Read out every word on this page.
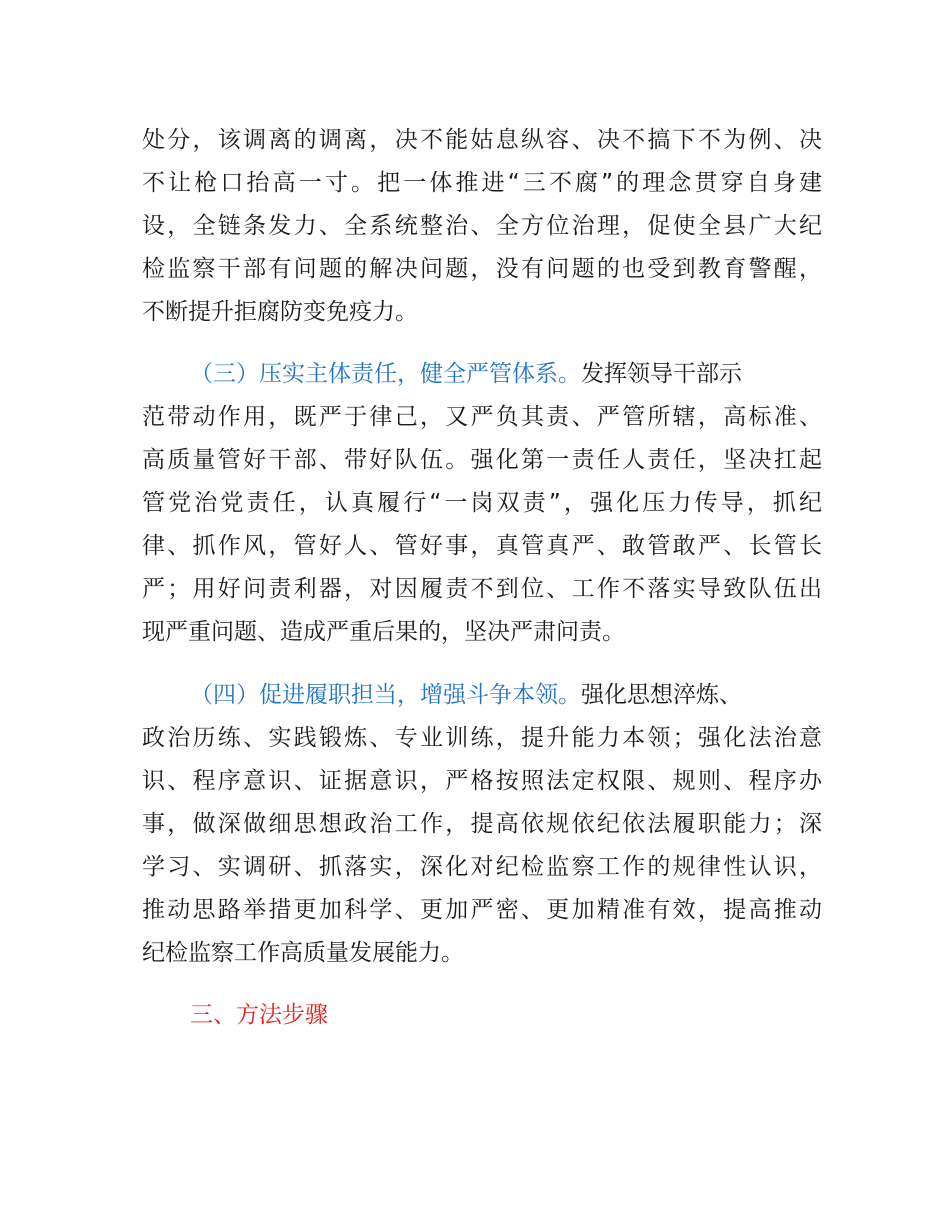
处分，该调离的调离，决不能姑息纵容、决不搞下不为例、决
不让枪口抬高一寸。把一体推进“三不腐”的理念贯穿自身建
设，全链条发力、全系统整治、全方位治理，促使全县广大纪
检监察干部有问题的解决问题，没有问题的也受到教育警醒，
不断提升拒腐防变免疫力。
（三）压实主体责任，健全严管体系。发挥领导干部示
范带动作用，既严于律己，又严负其责、严管所辖，高标准、
高质量管好干部、带好队伍。强化第一责任人责任，坚决扛起
管党治党责任，认真履行“一岗双责”，强化压力传导，抓纪
律、抓作风，管好人、管好事，真管真严、敢管敢严、长管长
严；用好问责利器，对因履责不到位、工作不落实导致队伍出
现严重问题、造成严重后果的，坚决严肃问责。
（四）促进履职担当，增强斗争本领。强化思想淬炼、
政治历练、实践锻炼、专业训练，提升能力本领；强化法治意
识、程序意识、证据意识，严格按照法定权限、规则、程序办
事，做深做细思想政治工作，提高依规依纪依法履职能力；深
学习、实调研、抓落实，深化对纪检监察工作的规律性认识，
推动思路举措更加科学、更加严密、更加精准有效，提高推动
纪检监察工作高质量发展能力。
三、方法步骤
